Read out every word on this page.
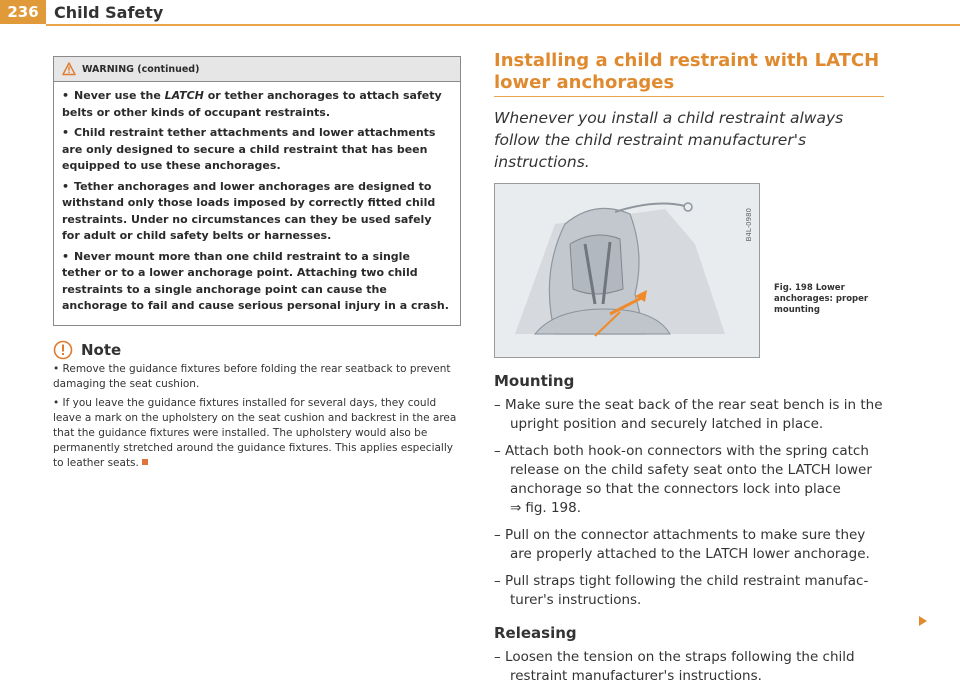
236 Child Safety
WARNING (continued)

• Never use the LATCH or tether anchorages to attach safety belts or other kinds of occupant restraints.

• Child restraint tether attachments and lower attachments are only designed to secure a child restraint that has been equipped to use these anchorages.

• Tether anchorages and lower anchorages are designed to withstand only those loads imposed by correctly fitted child restraints. Under no circumstances can they be used safely for adult or child safety belts or harnesses.

• Never mount more than one child restraint to a single tether or to a lower anchorage point. Attaching two child restraints to a single anchorage point can cause the anchorage to fail and cause serious personal injury in a crash.

Note

• Remove the guidance fixtures before folding the rear seatback to prevent damaging the seat cushion.

• If you leave the guidance fixtures installed for several days, they could leave a mark on the upholstery on the seat cushion and backrest in the area that the guidance fixtures were installed. The upholstery would also be permanently stretched around the guidance fixtures. This applies especially to leather seats.

Installing a child restraint with LATCH
lower anchorages

Whenever you install a child restraint always follow the child restraint manufacturer's instructions.

B4L-0980
Fig. 198 Lower anchorages: proper mounting
Mounting

– Make sure the seat back of the rear seat bench is in the upright position and securely latched in place.

– Attach both hook-on connectors with the spring catch release on the child safety seat onto the LATCH lower anchorage so that the connectors lock into place
⇒ fig. 198.

– Pull on the connector attachments to make sure they are properly attached to the LATCH lower anchorage.

– Pull straps tight following the child restraint manufacturer's instructions.

Releasing

– Loosen the tension on the straps following the child restraint manufacturer's instructions.
